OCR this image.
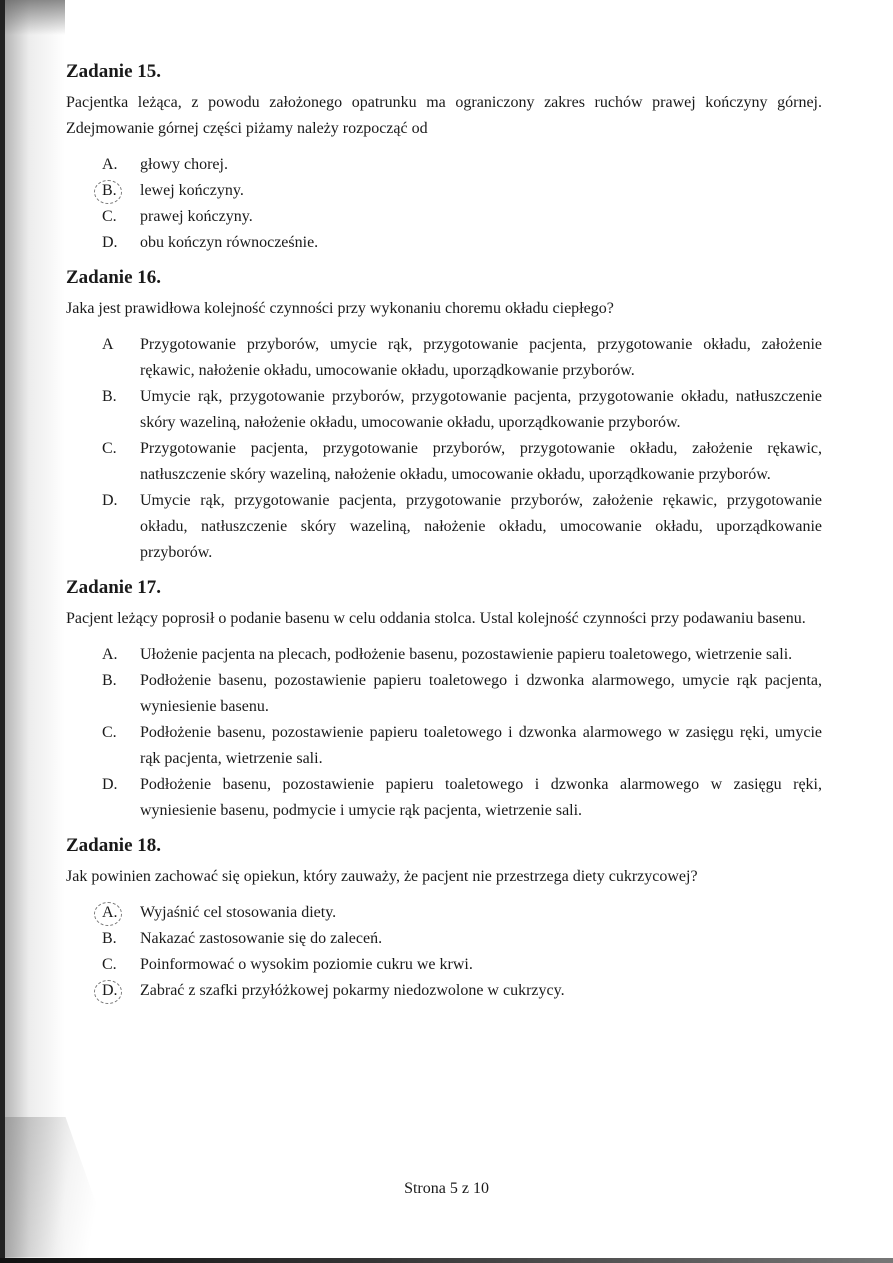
Zadanie 15.

Pacjentka leżąca, z powodu założonego opatrunku ma ograniczony zakres ruchów prawej kończyny górnej. Zdejmowanie górnej części piżamy należy rozpocząć od

A.	głowy chorej.
B.	lewej kończyny.
C.	prawej kończyny.
D.	obu kończyn równocześnie.
Zadanie 16.

Jaka jest prawidłowa kolejność czynności przy wykonaniu choremu okładu ciepłego?

A	Przygotowanie przyborów, umycie rąk, przygotowanie pacjenta, przygotowanie okładu, założenie rękawic, nałożenie okładu, umocowanie okładu, uporządkowanie przyborów.
B.	Umycie rąk, przygotowanie przyborów, przygotowanie pacjenta, przygotowanie okładu, natłuszczenie skóry wazeliną, nałożenie okładu, umocowanie okładu, uporządkowanie przyborów.
C.	Przygotowanie pacjenta, przygotowanie przyborów, przygotowanie okładu, założenie rękawic, natłuszczenie skóry wazeliną, nałożenie okładu, umocowanie okładu, uporządkowanie przyborów.
D.	Umycie rąk, przygotowanie pacjenta, przygotowanie przyborów, założenie rękawic, przygotowanie okładu, natłuszczenie skóry wazeliną, nałożenie okładu, umocowanie okładu, uporządkowanie przyborów.
Zadanie 17.

Pacjent leżący poprosił o podanie basenu w celu oddania stolca. Ustal kolejność czynności przy podawaniu basenu.

A.	Ułożenie pacjenta na plecach, podłożenie basenu, pozostawienie papieru toaletowego, wietrzenie sali.
B.	Podłożenie basenu, pozostawienie papieru toaletowego i dzwonka alarmowego, umycie rąk pacjenta, wyniesienie basenu.
C.	Podłożenie basenu, pozostawienie papieru toaletowego i dzwonka alarmowego w zasięgu ręki, umycie rąk pacjenta, wietrzenie sali.
D.	Podłożenie basenu, pozostawienie papieru toaletowego i dzwonka alarmowego w zasięgu ręki, wyniesienie basenu, podmycie i umycie rąk pacjenta, wietrzenie sali.
Zadanie 18.

Jak powinien zachować się opiekun, który zauważy, że pacjent nie przestrzega diety cukrzycowej?

A.	Wyjaśnić cel stosowania diety.
B.	Nakazać zastosowanie się do zaleceń.
C.	Poinformować o wysokim poziomie cukru we krwi.
D.	Zabrać z szafki przyłóżkowej pokarmy niedozwolone w cukrzycy.
Strona 5 z 10
